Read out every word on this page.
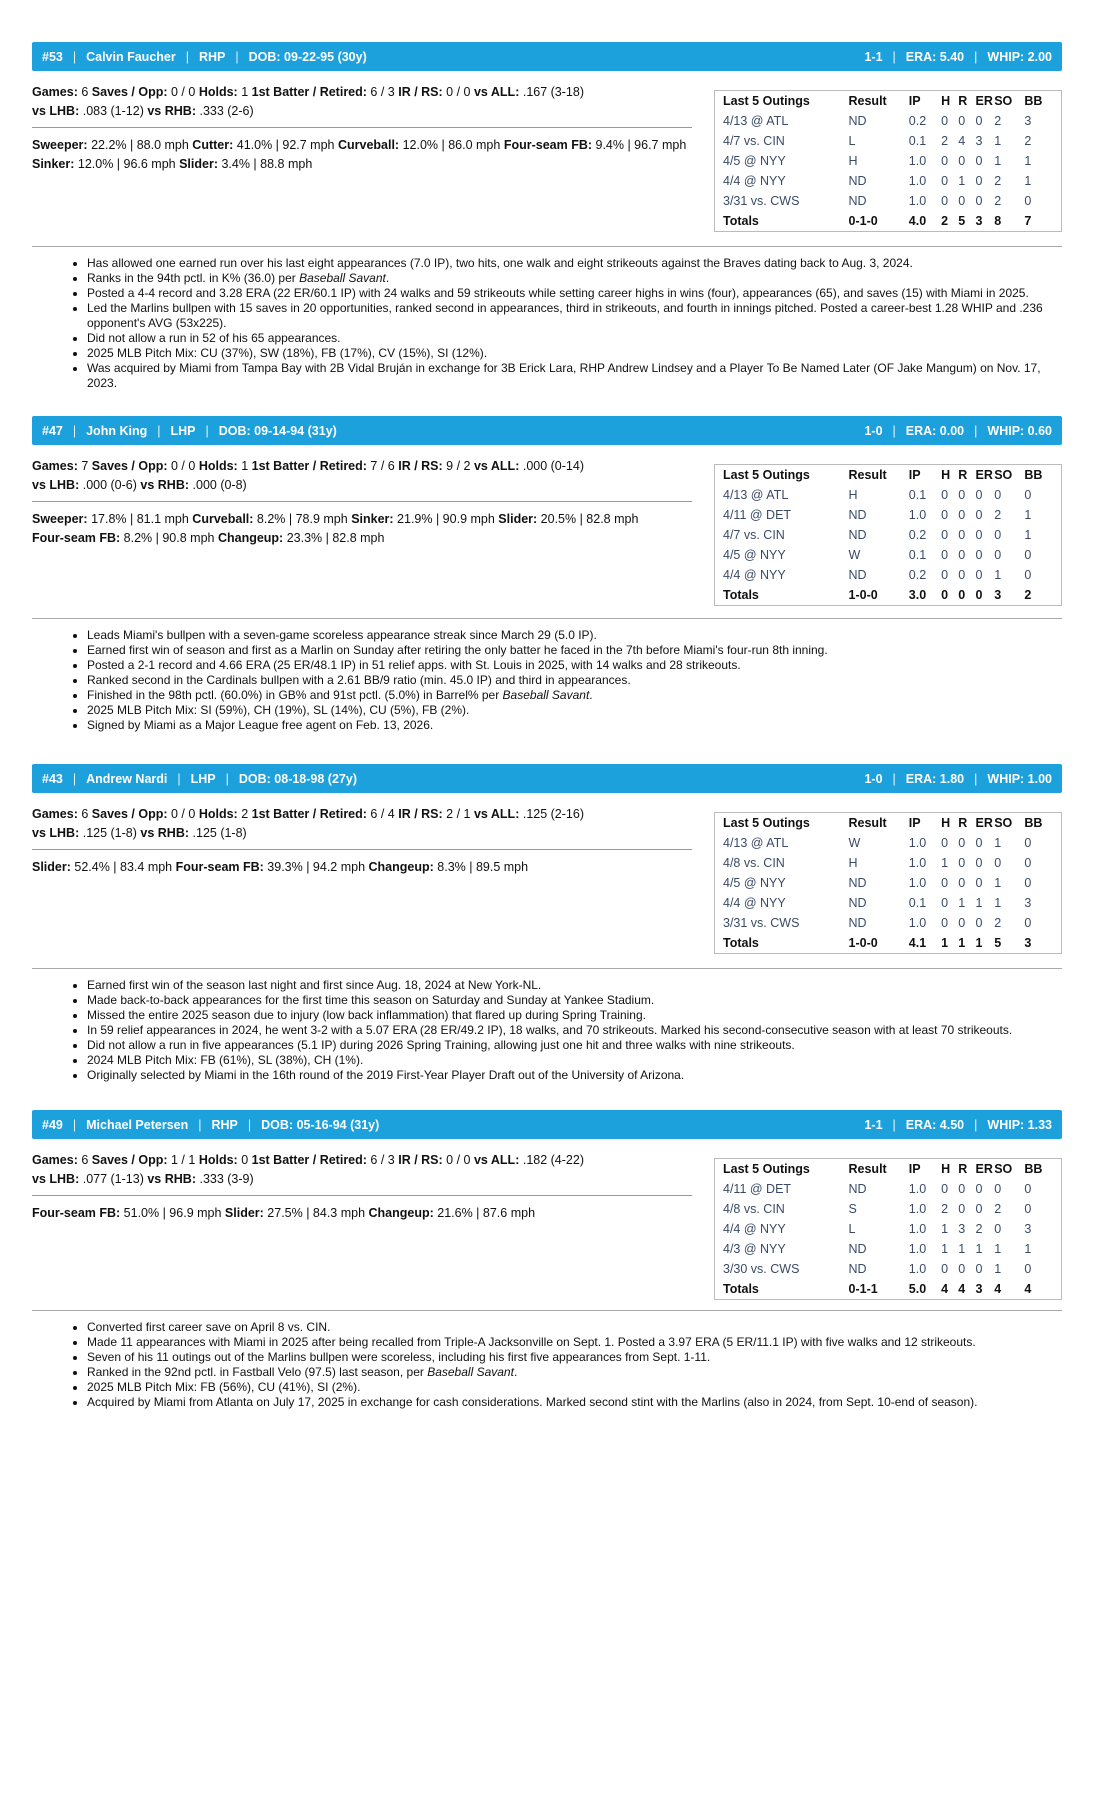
#53 | Calvin Faucher | RHP | DOB: 09-22-95 (30y)	1-1 | ERA: 5.40 | WHIP: 2.00
Games: 6 Saves / Opp: 0 / 0 Holds: 1 1st Batter / Retired: 6 / 3 IR / RS: 0 / 0 vs ALL: .167 (3-18)
vs LHB: .083 (1-12) vs RHB: .333 (2-6)
Sweeper: 22.2% | 88.0 mph Cutter: 41.0% | 92.7 mph Curveball: 12.0% | 86.0 mph Four-seam FB: 9.4% | 96.7 mph
Sinker: 12.0% | 96.6 mph Slider: 3.4% | 88.8 mph
Last 5 Outings	Result	IP	H	R	ER	SO	BB
4/13 @ ATL	ND	0.2	0	0	0	2	3
4/7 vs. CIN	L	0.1	2	4	3	1	2
4/5 @ NYY	H	1.0	0	0	0	1	1
4/4 @ NYY	ND	1.0	0	1	0	2	1
3/31 vs. CWS	ND	1.0	0	0	0	2	0
Totals	0-1-0	4.0	2	5	3	8	7
• Has allowed one earned run over his last eight appearances (7.0 IP), two hits, one walk and eight strikeouts against the Braves dating back to Aug. 3, 2024.
• Ranks in the 94th pctl. in K% (36.0) per Baseball Savant.
• Posted a 4-4 record and 3.28 ERA (22 ER/60.1 IP) with 24 walks and 59 strikeouts while setting career highs in wins (four), appearances (65), and saves (15) with Miami in 2025.
• Led the Marlins bullpen with 15 saves in 20 opportunities, ranked second in appearances, third in strikeouts, and fourth in innings pitched. Posted a career-best 1.28 WHIP and .236 opponent's AVG (53x225).
• Did not allow a run in 52 of his 65 appearances.
• 2025 MLB Pitch Mix: CU (37%), SW (18%), FB (17%), CV (15%), SI (12%).
• Was acquired by Miami from Tampa Bay with 2B Vidal Bruján in exchange for 3B Erick Lara, RHP Andrew Lindsey and a Player To Be Named Later (OF Jake Mangum) on Nov. 17, 2023.
#47 | John King | LHP | DOB: 09-14-94 (31y)	1-0 | ERA: 0.00 | WHIP: 0.60
Games: 7 Saves / Opp: 0 / 0 Holds: 1 1st Batter / Retired: 7 / 6 IR / RS: 9 / 2 vs ALL: .000 (0-14)
vs LHB: .000 (0-6) vs RHB: .000 (0-8)
Sweeper: 17.8% | 81.1 mph Curveball: 8.2% | 78.9 mph Sinker: 21.9% | 90.9 mph Slider: 20.5% | 82.8 mph
Four-seam FB: 8.2% | 90.8 mph Changeup: 23.3% | 82.8 mph
Last 5 Outings	Result	IP	H	R	ER	SO	BB
4/13 @ ATL	H	0.1	0	0	0	0	0
4/11 @ DET	ND	1.0	0	0	0	2	1
4/7 vs. CIN	ND	0.2	0	0	0	0	1
4/5 @ NYY	W	0.1	0	0	0	0	0
4/4 @ NYY	ND	0.2	0	0	0	1	0
Totals	1-0-0	3.0	0	0	0	3	2
• Leads Miami's bullpen with a seven-game scoreless appearance streak since March 29 (5.0 IP).
• Earned first win of season and first as a Marlin on Sunday after retiring the only batter he faced in the 7th before Miami's four-run 8th inning.
• Posted a 2-1 record and 4.66 ERA (25 ER/48.1 IP) in 51 relief apps. with St. Louis in 2025, with 14 walks and 28 strikeouts.
• Ranked second in the Cardinals bullpen with a 2.61 BB/9 ratio (min. 45.0 IP) and third in appearances.
• Finished in the 98th pctl. (60.0%) in GB% and 91st pctl. (5.0%) in Barrel% per Baseball Savant.
• 2025 MLB Pitch Mix: SI (59%), CH (19%), SL (14%), CU (5%), FB (2%).
• Signed by Miami as a Major League free agent on Feb. 13, 2026.
#43 | Andrew Nardi | LHP | DOB: 08-18-98 (27y)	1-0 | ERA: 1.80 | WHIP: 1.00
Games: 6 Saves / Opp: 0 / 0 Holds: 2 1st Batter / Retired: 6 / 4 IR / RS: 2 / 1 vs ALL: .125 (2-16)
vs LHB: .125 (1-8) vs RHB: .125 (1-8)
Slider: 52.4% | 83.4 mph Four-seam FB: 39.3% | 94.2 mph Changeup: 8.3% | 89.5 mph
Last 5 Outings	Result	IP	H	R	ER	SO	BB
4/13 @ ATL	W	1.0	0	0	0	1	0
4/8 vs. CIN	H	1.0	1	0	0	0	0
4/5 @ NYY	ND	1.0	0	0	0	1	0
4/4 @ NYY	ND	0.1	0	1	1	1	3
3/31 vs. CWS	ND	1.0	0	0	0	2	0
Totals	1-0-0	4.1	1	1	1	5	3
• Earned first win of the season last night and first since Aug. 18, 2024 at New York-NL.
• Made back-to-back appearances for the first time this season on Saturday and Sunday at Yankee Stadium.
• Missed the entire 2025 season due to injury (low back inflammation) that flared up during Spring Training.
• In 59 relief appearances in 2024, he went 3-2 with a 5.07 ERA (28 ER/49.2 IP), 18 walks, and 70 strikeouts. Marked his second-consecutive season with at least 70 strikeouts.
• Did not allow a run in five appearances (5.1 IP) during 2026 Spring Training, allowing just one hit and three walks with nine strikeouts.
• 2024 MLB Pitch Mix: FB (61%), SL (38%), CH (1%).
• Originally selected by Miami in the 16th round of the 2019 First-Year Player Draft out of the University of Arizona.
#49 | Michael Petersen | RHP | DOB: 05-16-94 (31y)	1-1 | ERA: 4.50 | WHIP: 1.33
Games: 6 Saves / Opp: 1 / 1 Holds: 0 1st Batter / Retired: 6 / 3 IR / RS: 0 / 0 vs ALL: .182 (4-22)
vs LHB: .077 (1-13) vs RHB: .333 (3-9)
Four-seam FB: 51.0% | 96.9 mph Slider: 27.5% | 84.3 mph Changeup: 21.6% | 87.6 mph
Last 5 Outings	Result	IP	H	R	ER	SO	BB
4/11 @ DET	ND	1.0	0	0	0	0	0
4/8 vs. CIN	S	1.0	2	0	0	2	0
4/4 @ NYY	L	1.0	1	3	2	0	3
4/3 @ NYY	ND	1.0	1	1	1	1	1
3/30 vs. CWS	ND	1.0	0	0	0	1	0
Totals	0-1-1	5.0	4	4	3	4	4
• Converted first career save on April 8 vs. CIN.
• Made 11 appearances with Miami in 2025 after being recalled from Triple-A Jacksonville on Sept. 1. Posted a 3.97 ERA (5 ER/11.1 IP) with five walks and 12 strikeouts.
• Seven of his 11 outings out of the Marlins bullpen were scoreless, including his first five appearances from Sept. 1-11.
• Ranked in the 92nd pctl. in Fastball Velo (97.5) last season, per Baseball Savant.
• 2025 MLB Pitch Mix: FB (56%), CU (41%), SI (2%).
• Acquired by Miami from Atlanta on July 17, 2025 in exchange for cash considerations. Marked second stint with the Marlins (also in 2024, from Sept. 10-end of season).
